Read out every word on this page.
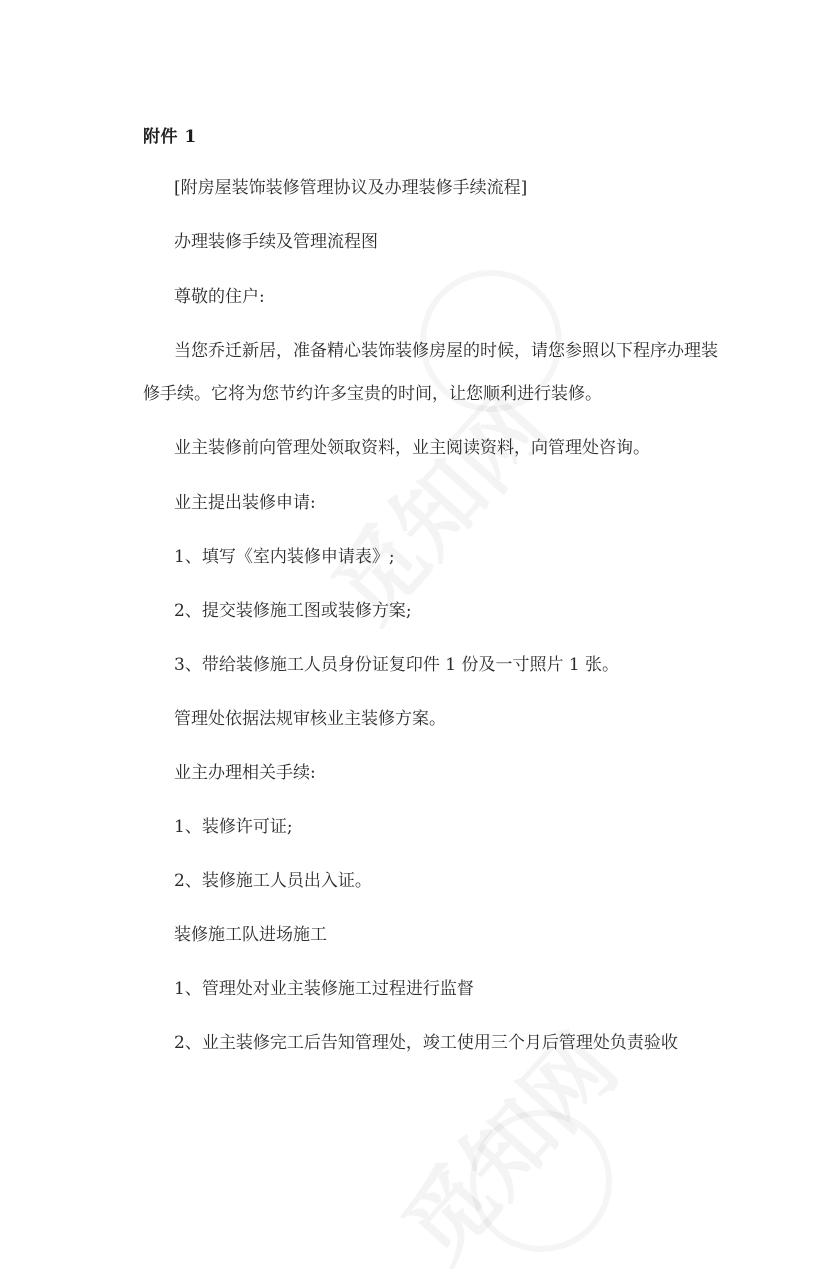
附件 1
[附房屋装饰装修管理协议及办理装修手续流程]
办理装修手续及管理流程图
尊敬的住户:
当您乔迁新居，准备精心装饰装修房屋的时候，请您参照以下程序办理装
修手续。它将为您节约许多宝贵的时间，让您顺利进行装修。
业主装修前向管理处领取资料，业主阅读资料，向管理处咨询。
业主提出装修申请:
1、填写《室内装修申请表》;
2、提交装修施工图或装修方案;
3、带给装修施工人员身份证复印件 1 份及一寸照片 1 张。
管理处依据法规审核业主装修方案。
业主办理相关手续:
1、装修许可证;
2、装修施工人员出入证。
装修施工队进场施工
1、管理处对业主装修施工过程进行监督
2、业主装修完工后告知管理处，竣工使用三个月后管理处负责验收
